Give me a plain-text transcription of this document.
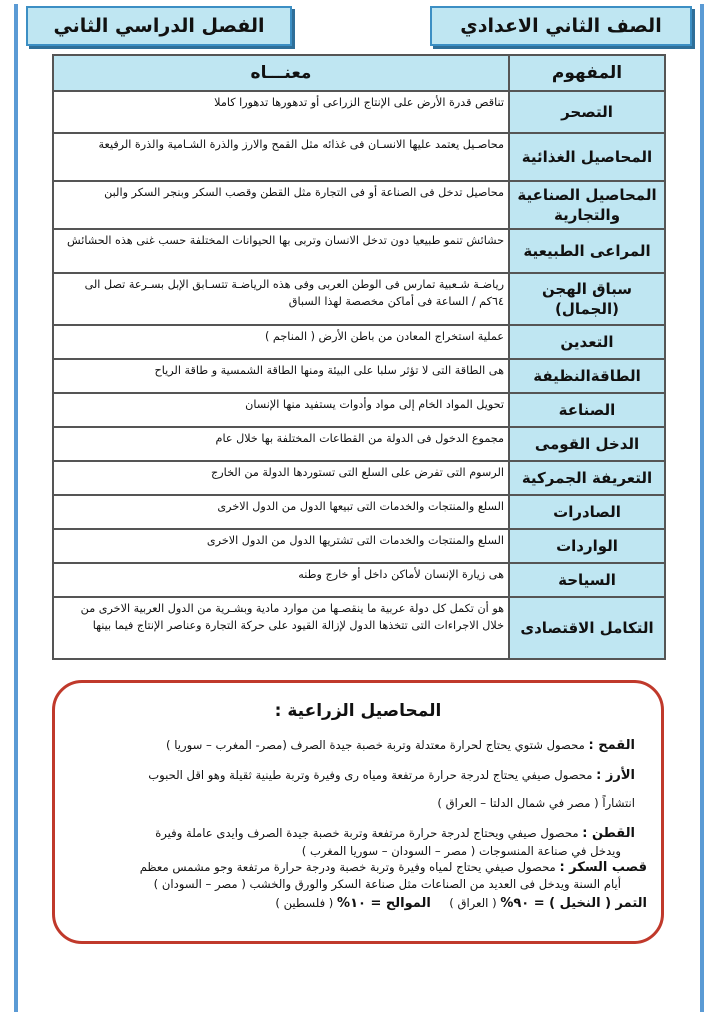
الصف الثاني الاعدادي
الفصل الدراسي الثاني
المفهوم	معنـــاه
التصحر	تناقص قدرة الأرض على الإنتاج الزراعى أو تدهورها تدهورا كاملا
المحاصيل الغذائية	محاصـيل يعتمد عليها الانسـان فى غذائه مثل القمح والارز والذرة الشـامية والذرة الرفيعة
المحاصيل الصناعية والتجارية	محاصيل تدخل فى الصناعة أو فى التجارة مثل القطن وقصب السكر وبنجر السكر والبن
المراعى الطبيعية	حشائش تنمو طبيعيا دون تدخل الانسان وتربى بها الحيوانات المختلفة حسب غنى هذه الحشائش
سباق الهجن (الجمال)	رياضـة شـعبية تمارس فى الوطن العربى وفى هذه الرياضـة تتسـابق الإبل بسـرعة تصل الى ٦٤كم / الساعة فى أماكن مخصصة لهذا السباق
التعدين	عملية استخراج المعادن من باطن الأرض ( المناجم )
الطاقةالنظيفة	هى الطاقة التى لا تؤثر سلبا على البيئة ومنها الطاقة الشمسية و طاقة الرياح
الصناعة	تحويل المواد الخام إلى مواد وأدوات يستفيد منها الإنسان
الدخل القومى	مجموع الدخول فى الدولة من القطاعات المختلفة بها خلال عام
التعريفة الجمركية	الرسوم التى تفرض على السلع التى تستوردها الدولة من الخارج
الصادرات	السلع والمنتجات والخدمات التى تبيعها الدول من الدول الاخرى
الواردات	السلع والمنتجات والخدمات التى تشتريها الدول من الدول الاخرى
السياحة	هى زيارة الإنسان لأماكن داخل أو خارج وطنه
التكامل الاقتصادى	هو أن تكمل كل دولة عربية ما ينقصـها من موارد مادية وبشـرية من الدول العربية الاخرى من خلال الاجراءات التى تتخذها الدول لإزالة القيود على حركة التجارة وعناصر الإنتاج فيما بينها
المحاصيل الزراعية :
القمح : محصول شتوي يحتاج لحرارة معتدلة وتربة خصبة جيدة الصرف (مصر- المغرب – سوريا )
الأرز : محصول صيفي يحتاج لدرجة حرارة مرتفعة ومياه رى وفيرة وتربة طينية ثقيلة وهو اقل الحبوب
انتشاراً ( مصر في شمال الدلتا – العراق )
القطن : محصول صيفي ويحتاج لدرجة حرارة مرتفعة وتربة خصبة جيدة الصرف وايدى عاملة وفيرة
ويدخل في صناعة المنسوجات ( مصر – السودان – سوريا المغرب )
قصب السكر : محصول صيفي يحتاج لمياه وفيرة وتربة خصبة ودرجة حرارة مرتفعة وجو مشمس معظم
أيام السنة ويدخل فى العديد من الصناعات مثل صناعة السكر والورق والخشب ( مصر – السودان )
التمر ( النخيل ) = ٩٠% ( العراق )     الموالح = ١٠% ( فلسطين )
